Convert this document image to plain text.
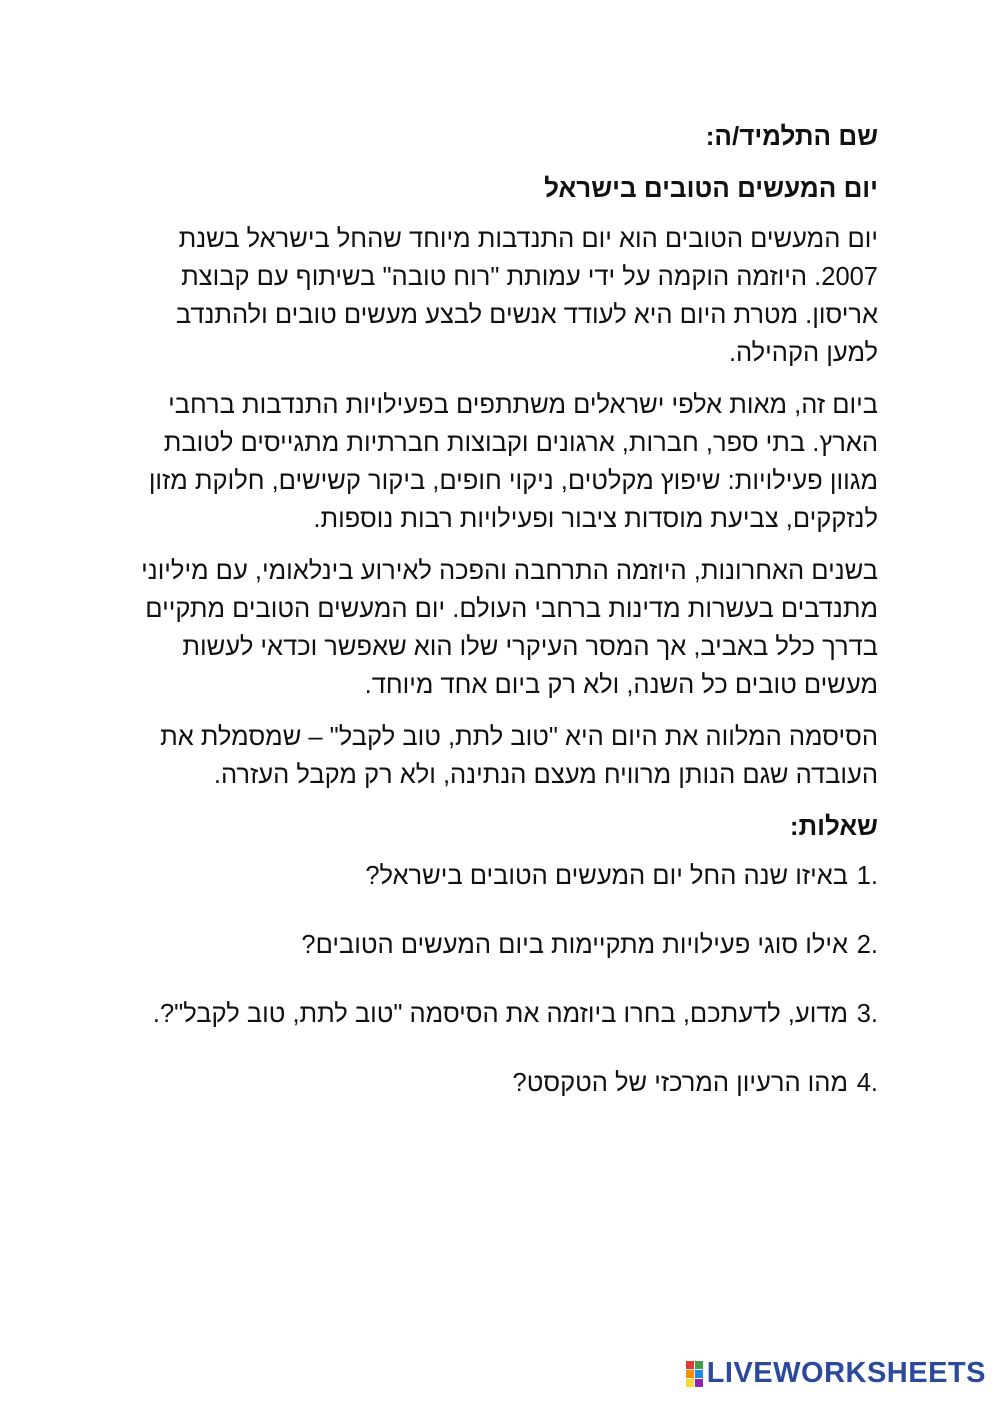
שם התלמיד/ה:
יום המעשים הטובים בישראל

יום המעשים הטובים הוא יום התנדבות מיוחד שהחל בישראל בשנת 2007. היוזמה הוקמה על ידי עמותת "רוח טובה" בשיתוף עם קבוצת אריסון. מטרת היום היא לעודד אנשים לבצע מעשים טובים ולהתנדב למען הקהילה.

ביום זה, מאות אלפי ישראלים משתתפים בפעילויות התנדבות ברחבי הארץ. בתי ספר, חברות, ארגונים וקבוצות חברתיות מתגייסים לטובת מגוון פעילויות: שיפוץ מקלטים, ניקוי חופים, ביקור קשישים, חלוקת מזון לנזקקים, צביעת מוסדות ציבור ופעילויות רבות נוספות.

בשנים האחרונות, היוזמה התרחבה והפכה לאירוע בינלאומי, עם מיליוני מתנדבים בעשרות מדינות ברחבי העולם. יום המעשים הטובים מתקיים בדרך כלל באביב, אך המסר העיקרי שלו הוא שאפשר וכדאי לעשות מעשים טובים כל השנה, ולא רק ביום אחד מיוחד.

הסיסמה המלווה את היום היא "טוב לתת, טוב לקבל" – שמסמלת את העובדה שגם הנותן מרוויח מעצם הנתינה, ולא רק מקבל העזרה.

שאלות:
1.
באיזו שנה החל יום המעשים הטובים בישראל?
2.
אילו סוגי פעילויות מתקיימות ביום המעשים הטובים?
3.
מדוע, לדעתכם, בחרו ביוזמה את הסיסמה "טוב לתת, טוב לקבל"?.
4.
מהו הרעיון המרכזי של הטקסט?
LIVEWORKSHEETS
